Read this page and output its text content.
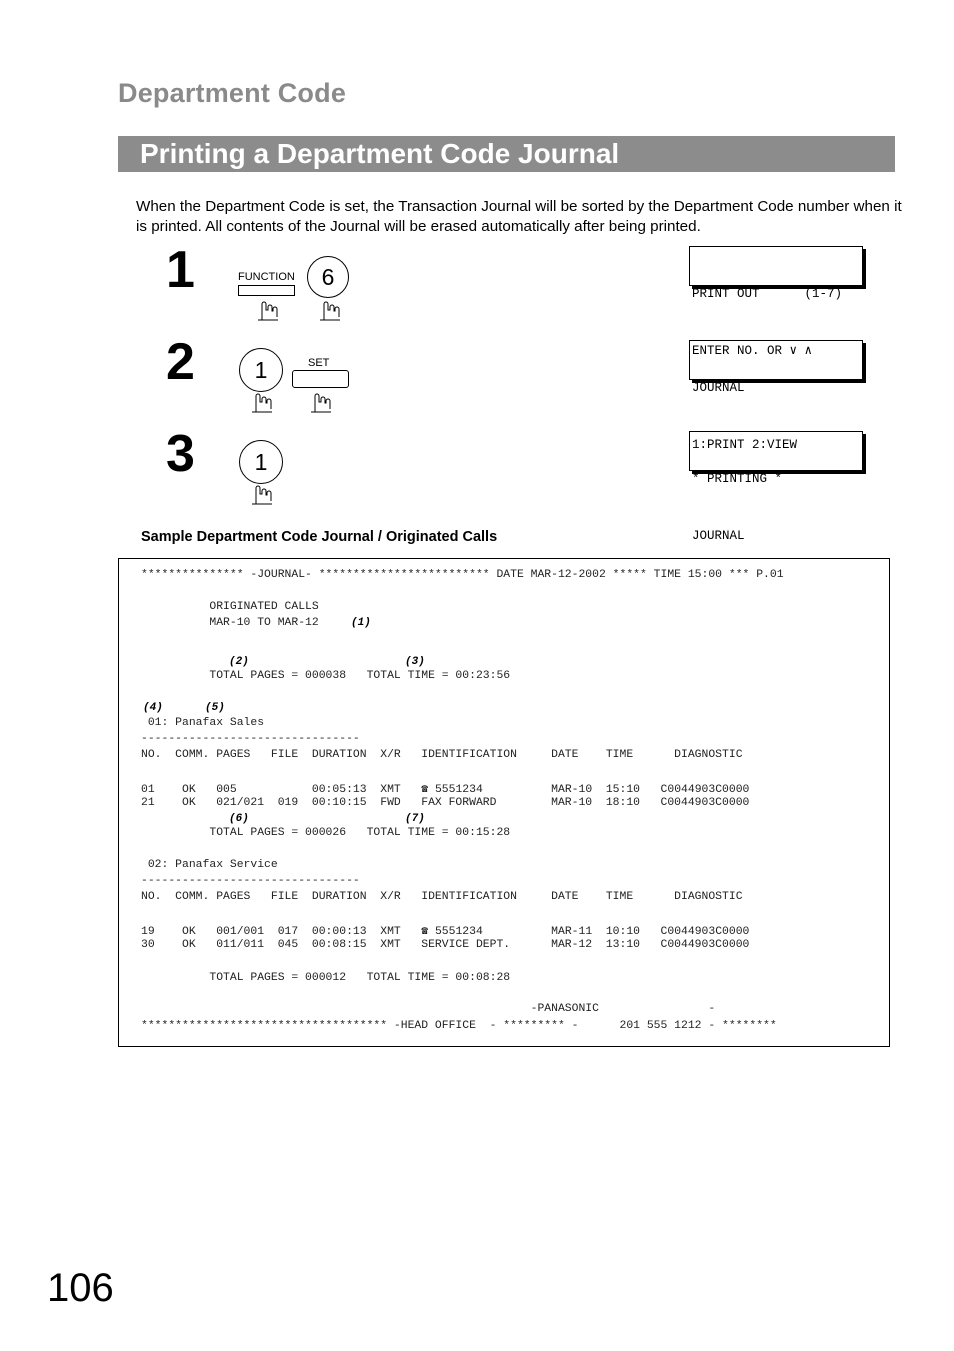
Department Code
Printing a Department Code Journal
When the Department Code is set, the Transaction Journal will be sorted by the Department Code number when it is printed. All contents of the Journal will be erased automatically after being printed.
1	FUNCTION	6

PRINT OUT      (1-7)

ENTER NO. OR ∨ ∧

2	1	SET

JOURNAL

1:PRINT 2:VIEW

3	1

* PRINTING *

JOURNAL

Sample Department Code Journal / Originated Calls
*************** -JOURNAL- ************************* DATE MAR-12-2002 ***** TIME 15:00 *** P.01
ORIGINATED CALLS
MAR-10 TO MAR-12	(1)
(2)	(3)
TOTAL PAGES = 000038   TOTAL TIME = 00:23:56
(4)	(5)
01: Panafax Sales
--------------------------------
NO.  COMM. PAGES   FILE  DURATION  X/R   IDENTIFICATION     DATE    TIME      DIAGNOSTIC
01    OK   005           00:05:13  XMT   ☎ 5551234          MAR-10  15:10   C0044903C0000
21    OK   021/021  019  00:10:15  FWD   FAX FORWARD        MAR-10  18:10   C0044903C0000
(6)	(7)
TOTAL PAGES = 000026   TOTAL TIME = 00:15:28
02: Panafax Service
--------------------------------
NO.  COMM. PAGES   FILE  DURATION  X/R   IDENTIFICATION     DATE    TIME      DIAGNOSTIC
19    OK   001/001  017  00:00:13  XMT   ☎ 5551234          MAR-11  10:10   C0044903C0000
30    OK   011/011  045  00:08:15  XMT   SERVICE DEPT.      MAR-12  13:10   C0044903C0000
TOTAL PAGES = 000012   TOTAL TIME = 00:08:28
-PANASONIC                -
************************************ -HEAD OFFICE  - ********* -      201 555 1212 - ********
106
